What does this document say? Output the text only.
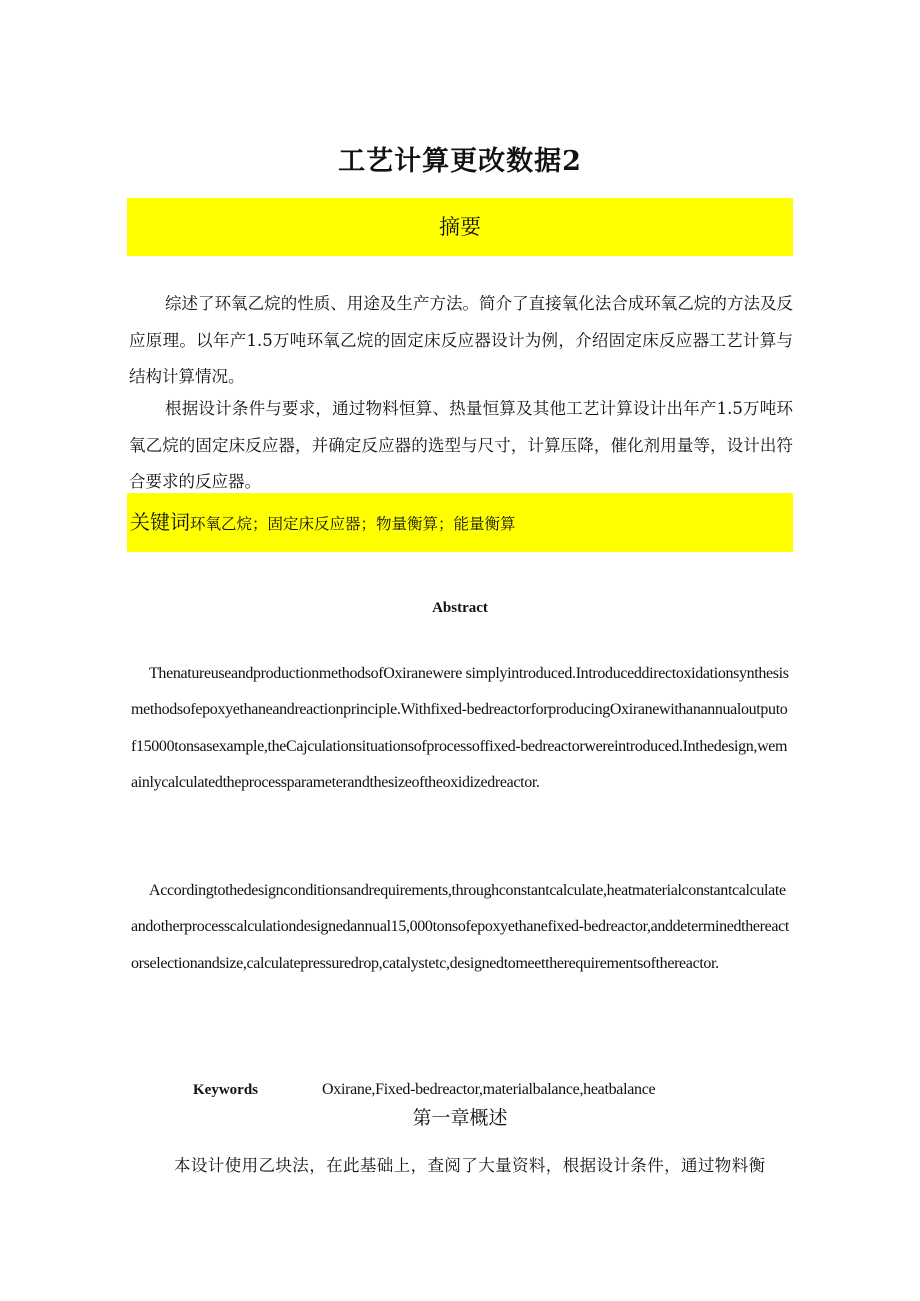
工艺计算更改数据2
摘要

综述了环氧乙烷的性质、用途及生产方法。简介了直接氧化法合成环氧乙烷的方法及反应原理。以年产1.5万吨环氧乙烷的固定床反应器设计为例，介绍固定床反应器工艺计算与结构计算情况。

根据设计条件与要求，通过物料恒算、热量恒算及其他工艺计算设计出年产1.5万吨环氧乙烷的固定床反应器，并确定反应器的选型与尺寸，计算压降，催化剂用量等，设计出符合要求的反应器。

关键词环氧乙烷；固定床反应器；物量衡算；能量衡算
Abstract

ThenatureuseandproductionmethodsofOxiranewere simplyintroduced.Introduceddirectoxidationsynthesismethodsofepoxyethaneandreactionprinciple.Withfixed-bedreactorforproducingOxiranewithanannualoutputof15000tonsasexample,theCajculationsituationsofprocessoffixed-bedreactorwereintroduced.Inthedesign,wemainlycalculatedtheprocessparameterandthesizeoftheoxidizedreactor.

Accordingtothedesignconditionsandrequirements,throughconstantcalculate,heatmaterialconstantcalculateandotherprocesscalculationdesignedannual15,000tonsofepoxyethanefixed-bedreactor,anddeterminedthereactorselectionandsize,calculatepressuredrop,catalystetc,designedtomeettherequirementsofthereactor.

Keywords	Oxirane,Fixed-bedreactor,materialbalance,heatbalance
第一章概述
本设计使用乙块法，在此基础上，查阅了大量资料，根据设计条件，通过物料衡
